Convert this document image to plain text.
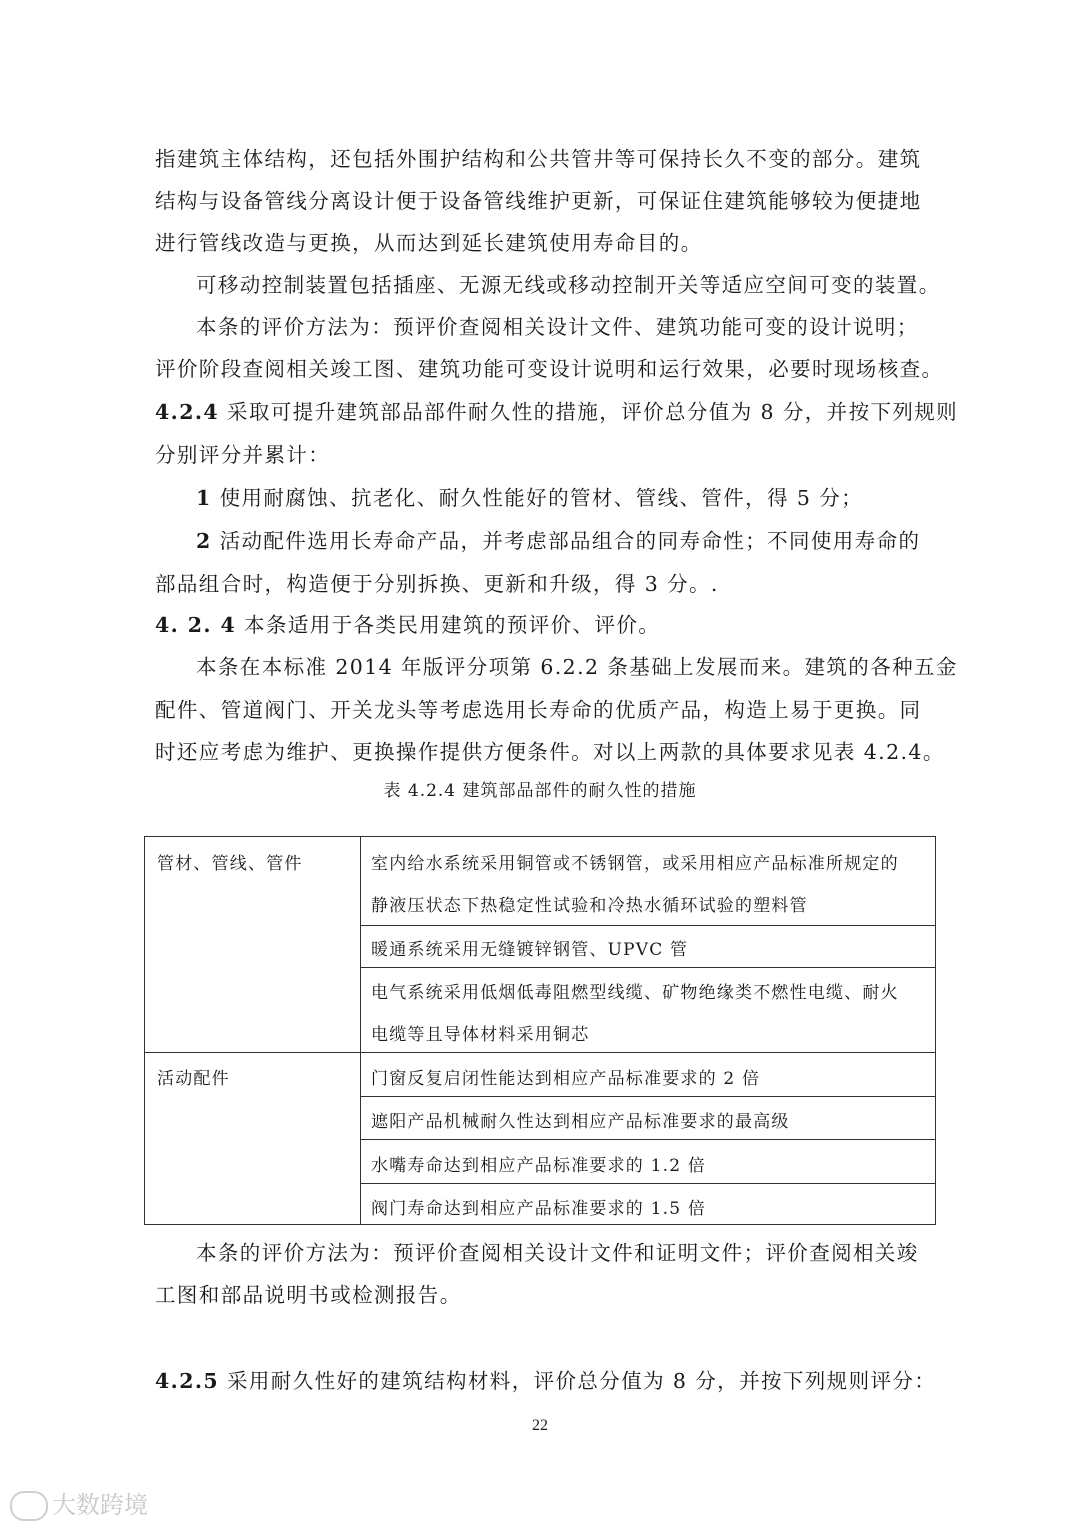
指建筑主体结构，还包括外围护结构和公共管井等可保持长久不变的部分。建筑
结构与设备管线分离设计便于设备管线维护更新，可保证住建筑能够较为便捷地
进行管线改造与更换，从而达到延长建筑使用寿命目的。
可移动控制装置包括插座、无源无线或移动控制开关等适应空间可变的装置。
本条的评价方法为：预评价查阅相关设计文件、建筑功能可变的设计说明；
评价阶段查阅相关竣工图、建筑功能可变设计说明和运行效果，必要时现场核查。
4.2.4 采取可提升建筑部品部件耐久性的措施，评价总分值为 8 分，并按下列规则
分别评分并累计：
1 使用耐腐蚀、抗老化、耐久性能好的管材、管线、管件，得 5 分；
2 活动配件选用长寿命产品，并考虑部品组合的同寿命性；不同使用寿命的
部品组合时，构造便于分别拆换、更新和升级，得 3 分。.
4. 2. 4 本条适用于各类民用建筑的预评价、评价。
本条在本标准 2014 年版评分项第 6.2.2 条基础上发展而来。建筑的各种五金
配件、管道阀门、开关龙头等考虑选用长寿命的优质产品，构造上易于更换。同
时还应考虑为维护、更换操作提供方便条件。对以上两款的具体要求见表 4.2.4。
表 4.2.4 建筑部品部件的耐久性的措施
管材、管线、管件	室内给水系统采用铜管或不锈钢管，或采用相应产品标准所规定的
静液压状态下热稳定性试验和冷热水循环试验的塑料管
暖通系统采用无缝镀锌钢管、UPVC 管
电气系统采用低烟低毒阻燃型线缆、矿物绝缘类不燃性电缆、耐火
电缆等且导体材料采用铜芯
活动配件	门窗反复启闭性能达到相应产品标准要求的 2 倍
遮阳产品机械耐久性达到相应产品标准要求的最高级
水嘴寿命达到相应产品标准要求的 1.2 倍
阀门寿命达到相应产品标准要求的 1.5 倍
本条的评价方法为：预评价查阅相关设计文件和证明文件；评价查阅相关竣
工图和部品说明书或检测报告。
4.2.5 采用耐久性好的建筑结构材料，评价总分值为 8 分，并按下列规则评分：
22
大数跨境
